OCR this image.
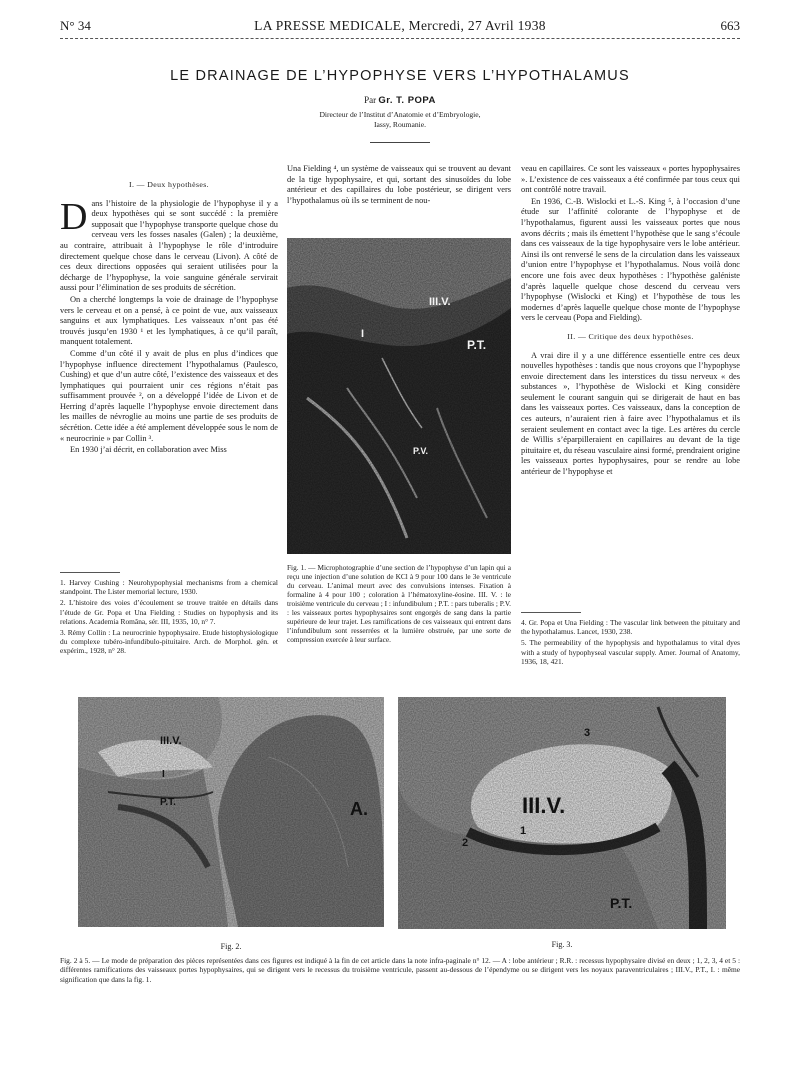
N° 34	LA PRESSE MEDICALE, Mercredi, 27 Avril 1938	663
LE DRAINAGE DE L’HYPOPHYSE VERS L’HYPOTHALAMUS
Par Gr. T. POPA
Directeur de l’Institut d’Anatomie et d’Embryologie,
Iassy, Roumanie.
I. — Deux hypothèses.

Dans l’histoire de la physiologie de l’hypophyse il y a deux hypothèses qui se sont succédé : la première supposait que l’hypophyse transporte quelque chose du cerveau vers les fosses nasales (Galen) ; la deuxième, au contraire, attribuait à l’hypophyse le rôle d’introduire directement quelque chose dans le cerveau (Livon). A côté de ces deux directions opposées qui seraient utilisées pour la décharge de l’hypophyse, la voie sanguine générale servirait aussi pour l’élimination de ses produits de sécrétion.

On a cherché longtemps la voie de drainage de l’hypophyse vers le cerveau et on a pensé, à ce point de vue, aux vaisseaux sanguins et aux lymphatiques. Les vaisseaux n’ont pas été trouvés jusqu’en 1930 ¹ et les lymphatiques, à ce qu’il paraît, manquent totalement.

Comme d’un côté il y avait de plus en plus d’indices que l’hypophyse influence directement l’hypothalamus (Paulesco, Cushing) et que d’un autre côté, l’existence des vaisseaux et des lymphatiques qui pourraient unir ces régions n’était pas suffisamment prouvée ², on a développé l’idée de Livon et de Herring d’après laquelle l’hypophyse envoie directement dans les mailles de névroglie au moins une partie de ses produits de sécrétion. Cette idée a été amplement développée sous le nom de « neurocrinie » par Collin ³.

En 1930 j’ai décrit, en collaboration avec Miss

1. Harvey Cushing : Neurohypophysial mechanisms from a chemical standpoint. The Lister memorial lecture, 1930.
2. L’histoire des voies d’écoulement se trouve traitée en détails dans l’étude de Gr. Popa et Una Fielding : Studies on hypophysis and its relations. Academia Româna, sér. III, 1935, 10, n° 7.
3. Rémy Collin : La neurocrinie hypophysaire. Etude histophysiologique du complexe tubéro-infundibulo-pituitaire. Arch. de Morphol. gén. et expérim., 1928, n° 28.

Una Fielding ⁴, un système de vaisseaux qui se trouvent au devant de la tige hypophysaire, et qui, sortant des sinusoïdes du lobe antérieur et des capillaires du lobe postérieur, se dirigent vers l’hypothalamus où ils se terminent de nou-

III.V.
I
P.T.
P.V.
Fig. 1. — Microphotographie d’une section de l’hypophyse d’un lapin qui a reçu une injection d’une solution de KCl à 9 pour 100 dans le 3e ventricule du cerveau. L’animal meurt avec des convulsions intenses. Fixation à formaline à 4 pour 100 ; coloration à l’hématoxyline-éosine. III. V. : le troisième ventricule du cerveau ; I : infundibulum ; P.T. : pars tuberalis ; P.V. : les vaisseaux portes hypophysaires sont engorgés de sang dans la partie supérieure de leur trajet. Les ramifications de ces vaisseaux qui entrent dans l’infundibulum sont resserrées et la lumière obstruée, par une sorte de compression exercée à leur surface.

veau en capillaires. Ce sont les vaisseaux « portes hypophysaires ». L’existence de ces vaisseaux a été confirmée par tous ceux qui ont contrôlé notre travail.

En 1936, C.-B. Wislocki et L.-S. King ⁵, à l’occasion d’une étude sur l’affinité colorante de l’hypophyse et de l’hypothalamus, figurent aussi les vaisseaux portes que nous avons décrits ; mais ils émettent l’hypothèse que le sang s’écoule dans ces vaisseaux de la tige hypophysaire vers le lobe antérieur. Ainsi ils ont renversé le sens de la circulation dans les vaisseaux d’union entre l’hypophyse et l’hypothalamus. Nous voilà donc encore une fois avec deux hypothèses : l’hypothèse galéniste d’après laquelle quelque chose descend du cerveau vers l’hypophyse (Wislocki et King) et l’hypothèse de tous les modernes d’après laquelle quelque chose monte de l’hypophyse vers le cerveau (Popa and Fielding).

II. — Critique des deux hypothèses.

A vrai dire il y a une différence essentielle entre ces deux nouvelles hypothèses : tandis que nous croyons que l’hypophyse envoie directement dans les interstices du tissu nerveux « des substances », l’hypothèse de Wislocki et King considère seulement le courant sanguin qui se dirigerait de haut en bas dans les vaisseaux portes. Ces vaisseaux, dans la conception de ces auteurs, n’auraient rien à faire avec l’hypothalamus et ils seraient seulement en contact avec la tige. Les artères du cercle de Willis s’éparpilleraient en capillaires au devant de la tige pituitaire et, du réseau vasculaire ainsi formé, prendraient origine les vaisseaux portes hypophysaires, pour se rendre au lobe antérieur de l’hypophyse et

4. Gr. Popa et Una Fielding : The vascular link between the pituitary and the hypothalamus. Lancet, 1930, 238.
5. The permeability of the hypophysis and hypothalamus to vital dyes with a study of hypophyseal vascular supply. Amer. Journal of Anatomy, 1936, 18, 421.
III.V.
I
P.T.	A.
Fig. 2.
III.V.
1
2
3
P.T.
Fig. 3.
Fig. 2 à 5. — Le mode de préparation des pièces représentées dans ces figures est indiqué à la fin de cet article dans la note infra-paginale n° 12. — A : lobe antérieur ; R.R. : recessus hypophysaire divisé en deux ; 1, 2, 3, 4 et 5 : différentes ramifications des vaisseaux portes hypophysaires, qui se dirigent vers le recessus du troisième ventricule, passent au-dessous de l’épendyme ou se dirigent vers les noyaux paraventriculaires ; III.V., P.T., I. : même signification que dans la fig. 1.
